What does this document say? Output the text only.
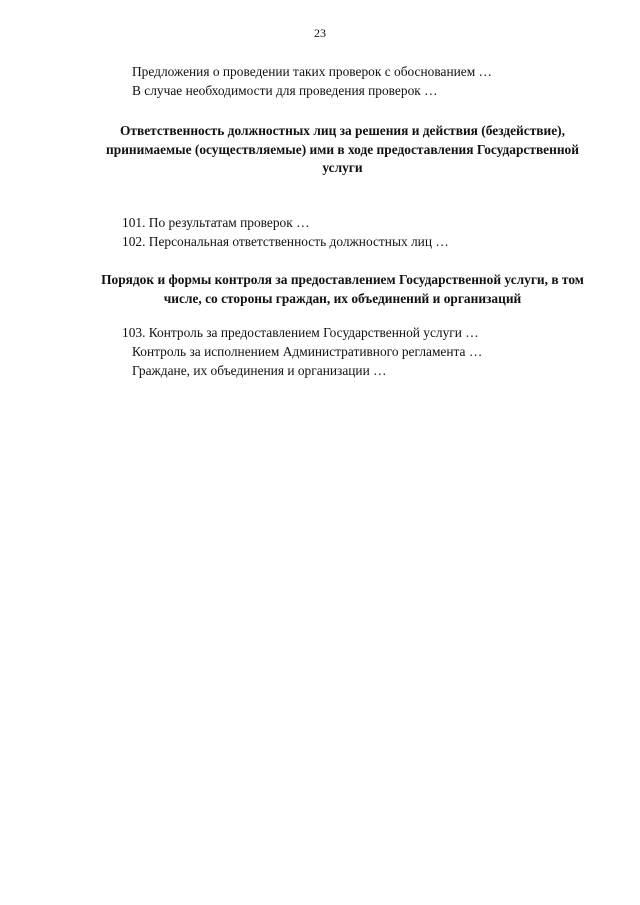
23

Предложения о проведении таких проверок с обоснованием …

В случае необходимости для проведения проверок …

Ответственность должностных лиц за решения и действия (бездействие), принимаемые (осуществляемые) ими в ходе предоставления Государственной услуги

101. По результатам проверок …

102. Персональная ответственность должностных лиц …

Порядок и формы контроля за предоставлением Государственной услуги, в том числе, со стороны граждан, их объединений и организаций

103. Контроль за предоставлением Государственной услуги …

Контроль за исполнением Административного регламента …

Граждане, их объединения и организации …
